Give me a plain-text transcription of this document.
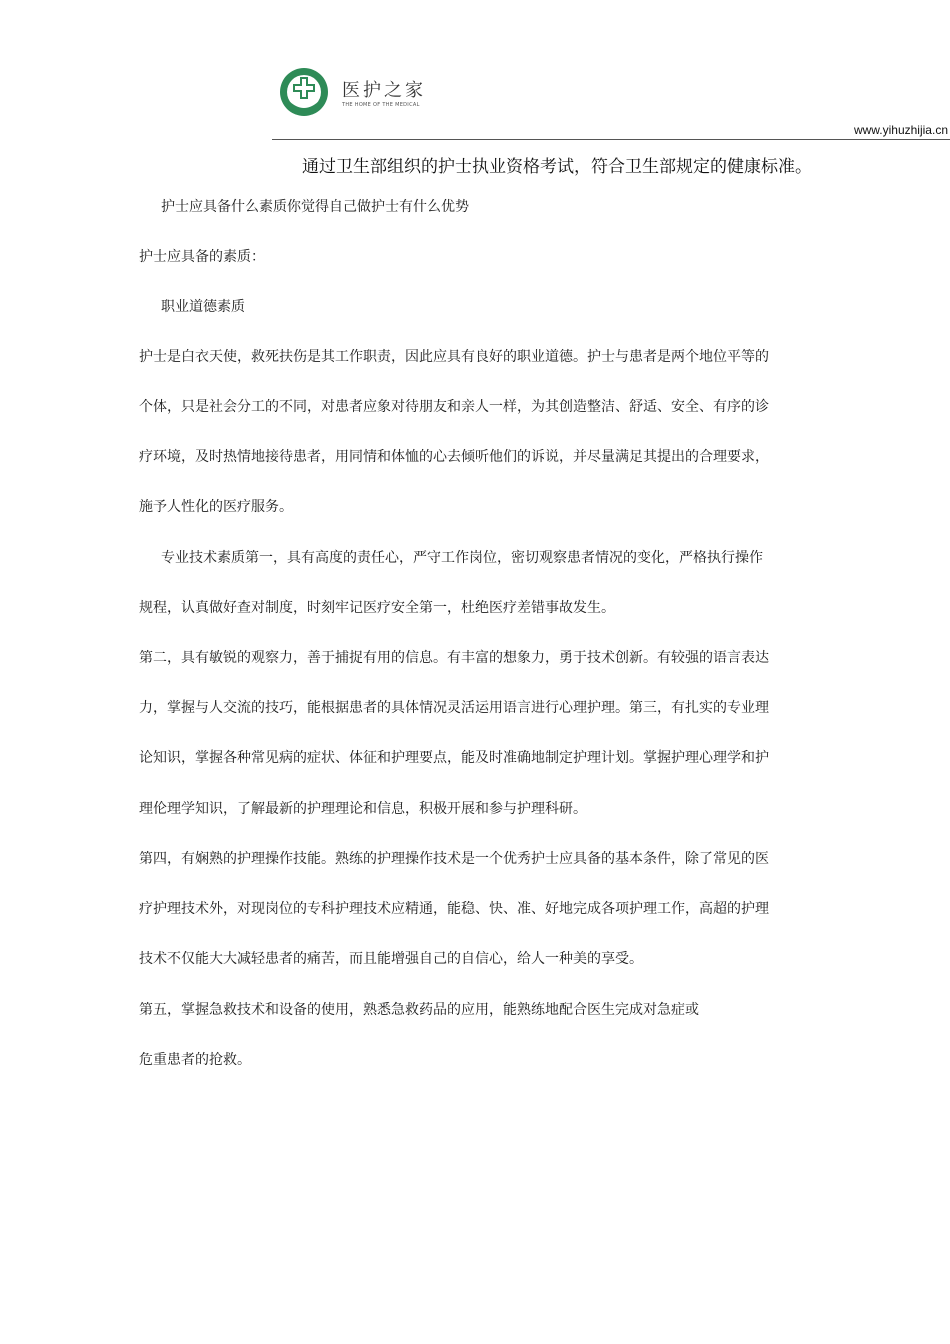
医护之家
THE HOME OF THE MEDICAL
www.yihuzhijia.cn
通过卫生部组织的护士执业资格考试，符合卫生部规定的健康标准。
护士应具备什么素质你觉得自己做护士有什么优势
护士应具备的素质：
职业道德素质
护士是白衣天使，救死扶伤是其工作职责，因此应具有良好的职业道德。护士与患者是两个地位平等的
个体，只是社会分工的不同，对患者应象对待朋友和亲人一样，为其创造整洁、舒适、安全、有序的诊
疗环境，及时热情地接待患者，用同情和体恤的心去倾听他们的诉说，并尽量满足其提出的合理要求，
施予人性化的医疗服务。
专业技术素质第一，具有高度的责任心，严守工作岗位，密切观察患者情况的变化，严格执行操作
规程，认真做好查对制度，时刻牢记医疗安全第一，杜绝医疗差错事故发生。
第二，具有敏锐的观察力，善于捕捉有用的信息。有丰富的想象力，勇于技术创新。有较强的语言表达
力，掌握与人交流的技巧，能根据患者的具体情况灵活运用语言进行心理护理。第三，有扎实的专业理
论知识，掌握各种常见病的症状、体征和护理要点，能及时准确地制定护理计划。掌握护理心理学和护
理伦理学知识，了解最新的护理理论和信息，积极开展和参与护理科研。
第四，有娴熟的护理操作技能。熟练的护理操作技术是一个优秀护士应具备的基本条件，除了常见的医
疗护理技术外，对现岗位的专科护理技术应精通，能稳、快、准、好地完成各项护理工作，高超的护理
技术不仅能大大减轻患者的痛苦，而且能增强自己的自信心，给人一种美的享受。
第五，掌握急救技术和设备的使用，熟悉急救药品的应用，能熟练地配合医生完成对急症或
危重患者的抢救。
